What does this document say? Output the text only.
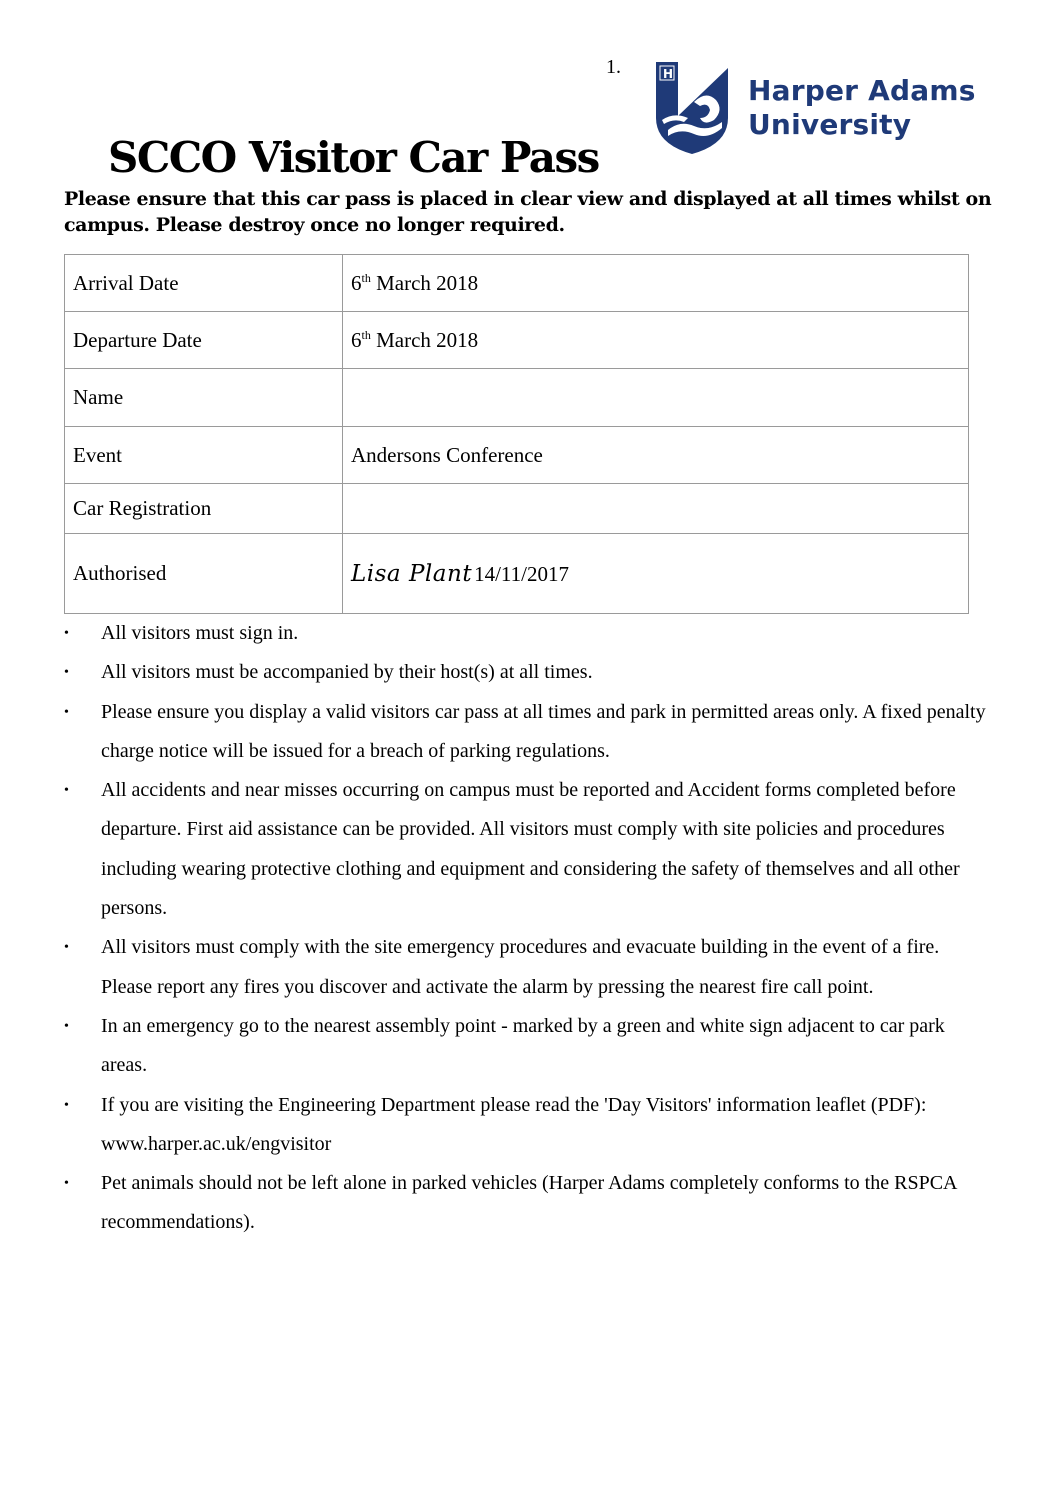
1.	H	Harper Adams
University
SCCO Visitor Car Pass
Please ensure that this car pass is placed in clear view and displayed at all times whilst on campus. Please destroy once no longer required.
Arrival Date	6th March 2018
Departure Date	6th March 2018
Name	
Event	Andersons Conference
Car Registration	
Authorised	Lisa Plant14/11/2017
• All visitors must sign in.
• All visitors must be accompanied by their host(s) at all times.
• Please ensure you display a valid visitors car pass at all times and park in permitted areas only. A fixed penalty charge notice will be issued for a breach of parking regulations.
• All accidents and near misses occurring on campus must be reported and Accident forms completed before departure. First aid assistance can be provided. All visitors must comply with site policies and procedures including wearing protective clothing and equipment and considering the safety of themselves and all other persons.
• All visitors must comply with the site emergency procedures and evacuate building in the event of a fire. Please report any fires you discover and activate the alarm by pressing the nearest fire call point.
• In an emergency go to the nearest assembly point - marked by a green and white sign adjacent to car park areas.
• If you are visiting the Engineering Department please read the 'Day Visitors' information leaflet (PDF): www.harper.ac.uk/engvisitor
• Pet animals should not be left alone in parked vehicles (Harper Adams completely conforms to the RSPCA recommendations).
